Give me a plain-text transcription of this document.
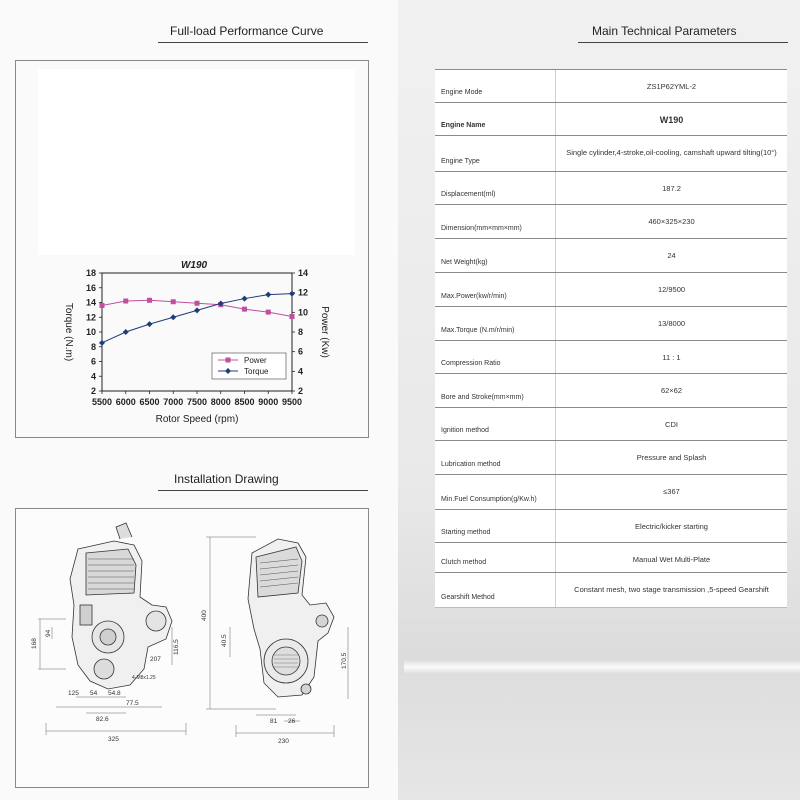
Full-load Performance Curve
5500 6000 6500 7000 7500 8000 8500 9000 9500
2
4
6
8
10
12
14
16
18
2
4
6
8
10
12
14
W190
Rotor Speed (rpm)
Torque (N.m)	Power (Kw)
Power
Torque
Installation Drawing
168
94
116.5
207
125 54 54.8
77.5
82.6
325
4-M8x1.25
400
40.5
170.5
81 26
230
Main Technical Parameters
Engine Mode
ZS1P62YML-2
Engine Name
W190
Engine Type
Single cylinder,4-stroke,oil-cooling, camshaft upward tilting(10°)
Displacement(ml)
187.2
Dimension(mm×mm×mm)
460×325×230
Net Weight(kg)
24
Max.Power(kw/r/min)
12/9500
Max.Torque (N.m/r/min)
13/8000
Compression Ratio
11 : 1
Bore and Stroke(mm×mm)
62×62
Ignition method
CDI
Lubrication method
Pressure and Splash
Min.Fuel Consumption(g/Kw.h)
≤367
Starting method
Electric/kicker starting
Clutch method	Manual Wet Multi-Plate
Gearshift Method
Constant mesh, two stage transmission ,5-speed Gearshift
